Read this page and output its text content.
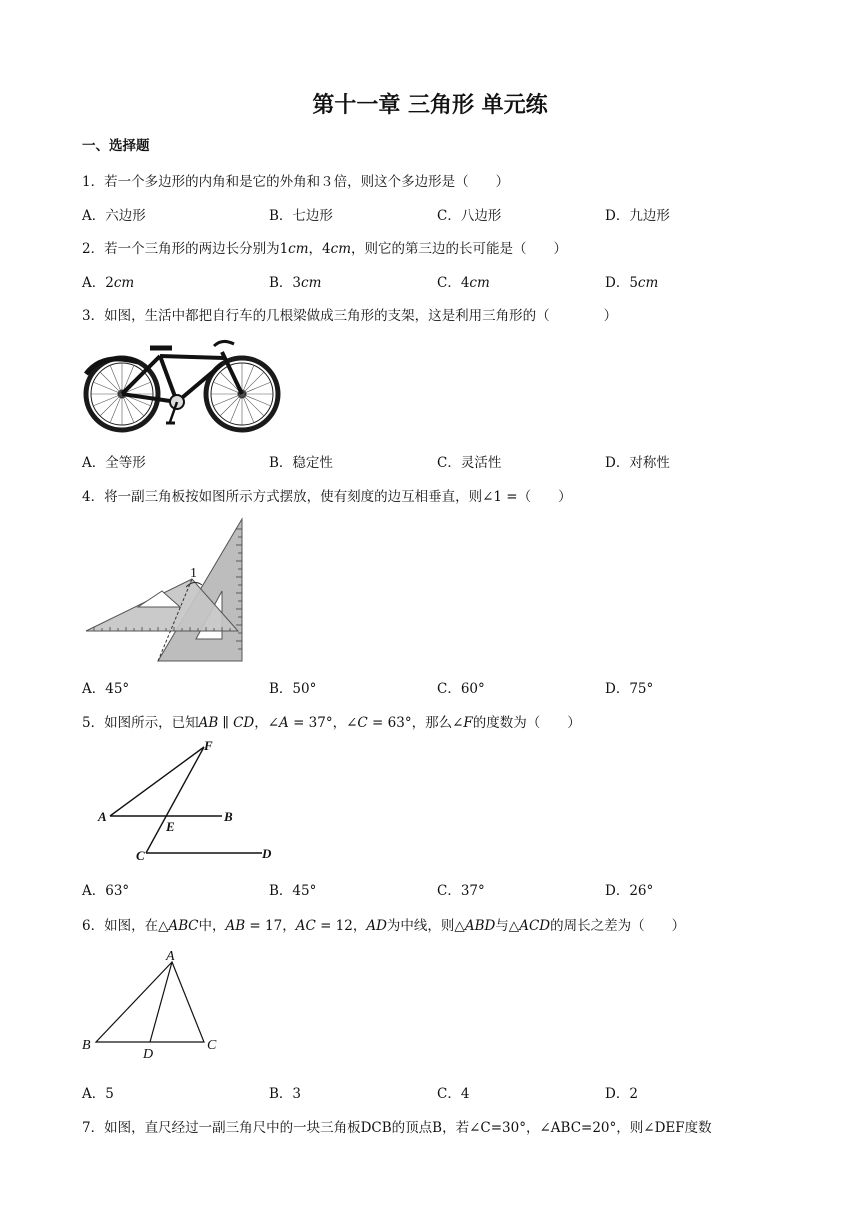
第十一章 三角形 单元练
一、选择题
1．若一个多边形的内角和是它的外角和３倍，则这个多边形是（　　）
A．六边形	B．七边形	C．八边形	D．九边形
2．若一个三角形的两边长分别为1𝑐𝑚，4𝑐𝑚，则它的第三边的长可能是（　　）
A．2𝑐𝑚	B．3𝑐𝑚	C．4𝑐𝑚	D．5𝑐𝑚
3．如图，生活中都把自行车的几根梁做成三角形的支架，这是利用三角形的（　　　　）
A．全等形	B．稳定性	C．灵活性	D．对称性
4．将一副三角板按如图所示方式摆放，使有刻度的边互相垂直，则∠1 =（　　）
1
A．45°	B．50°	C．60°	D．75°
5．如图所示，已知𝐴𝐵 ∥ 𝐶𝐷，∠𝐴 = 37°，∠𝐶 = 63°，那么∠𝐹的度数为（　　）
F
A	B
E
C	D
A．63°	B．45°	C．37°	D．26°
6．如图，在△𝐴𝐵𝐶中，𝐴𝐵 = 17，𝐴𝐶 = 12，𝐴𝐷为中线，则△𝐴𝐵𝐷与△𝐴𝐶𝐷的周长之差为（　　）
A
B
D
C
A．5	B．3	C．4	D．2
7．如图，直尺经过一副三角尺中的一块三角板DCB的顶点B，若∠C=30°，∠ABC=20°，则∠DEF度数
